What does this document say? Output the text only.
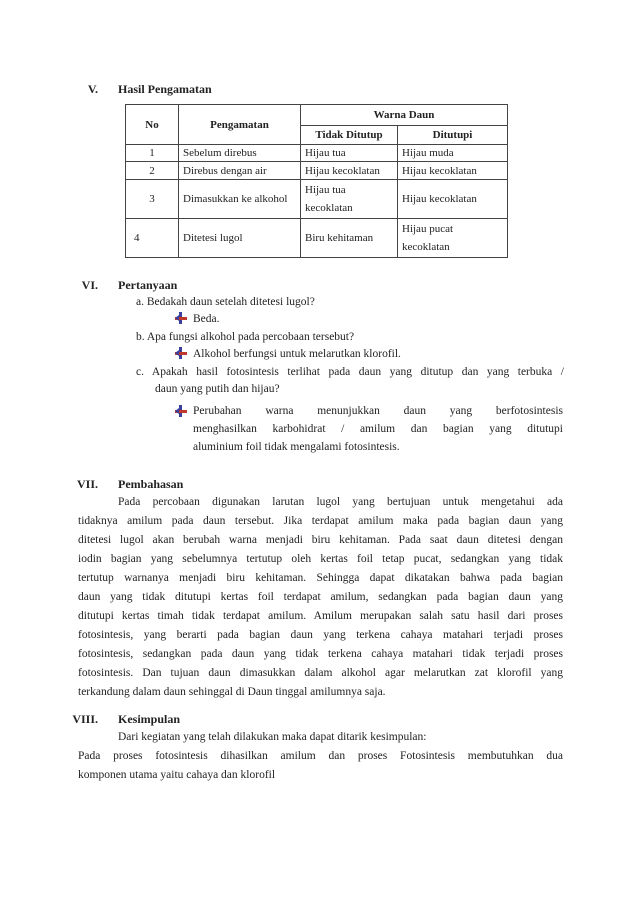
V. Hasil Pengamatan
No	Pengamatan	Warna Daun	
		Tidak Ditutup	Ditutupi
1	Sebelum direbus	Hijau tua	Hijau muda
2	Direbus dengan air	Hijau kecoklatan	Hijau kecoklatan
3	Dimasukkan ke alkohol	Hijau tua kecoklatan	Hijau kecoklatan
4	Ditetesi lugol	Biru kehitaman	Hijau pucat kecoklatan
VI. Pertanyaan
a. Bedakah daun setelah ditetesi lugol?
Beda.
b. Apa fungsi alkohol pada percobaan tersebut?
Alkohol berfungsi untuk melarutkan klorofil.
c. Apakah hasil fotosintesis terlihat pada daun yang ditutup dan yang terbuka /
daun yang putih dan hijau?
Perubahan warna menunjukkan daun yang berfotosintesis
menghasilkan karbohidrat / amilum dan bagian yang ditutupi
aluminium foil tidak mengalami fotosintesis.
VII. Pembahasan
Pada percobaan digunakan larutan lugol yang bertujuan untuk mengetahui ada
tidaknya amilum pada daun tersebut. Jika terdapat amilum maka pada bagian daun yang
ditetesi lugol akan berubah warna menjadi biru kehitaman. Pada saat daun ditetesi dengan
iodin bagian yang sebelumnya tertutup oleh kertas foil tetap pucat, sedangkan yang tidak
tertutup warnanya menjadi biru kehitaman. Sehingga dapat dikatakan bahwa pada bagian
daun yang tidak ditutupi kertas foil terdapat amilum, sedangkan pada bagian daun yang
ditutupi kertas timah tidak terdapat amilum. Amilum merupakan salah satu hasil dari proses
fotosintesis, yang berarti pada bagian daun yang terkena cahaya matahari terjadi proses
fotosintesis, sedangkan pada daun yang tidak terkena cahaya matahari tidak terjadi proses
fotosintesis. Dan tujuan daun dimasukkan dalam alkohol agar melarutkan zat klorofil yang
terkandung dalam daun sehinggal di Daun tinggal amilumnya saja.
VIII. Kesimpulan
Dari kegiatan yang telah dilakukan maka dapat ditarik kesimpulan:
Pada proses fotosintesis dihasilkan amilum dan proses Fotosintesis membutuhkan dua
komponen utama yaitu cahaya dan klorofil
